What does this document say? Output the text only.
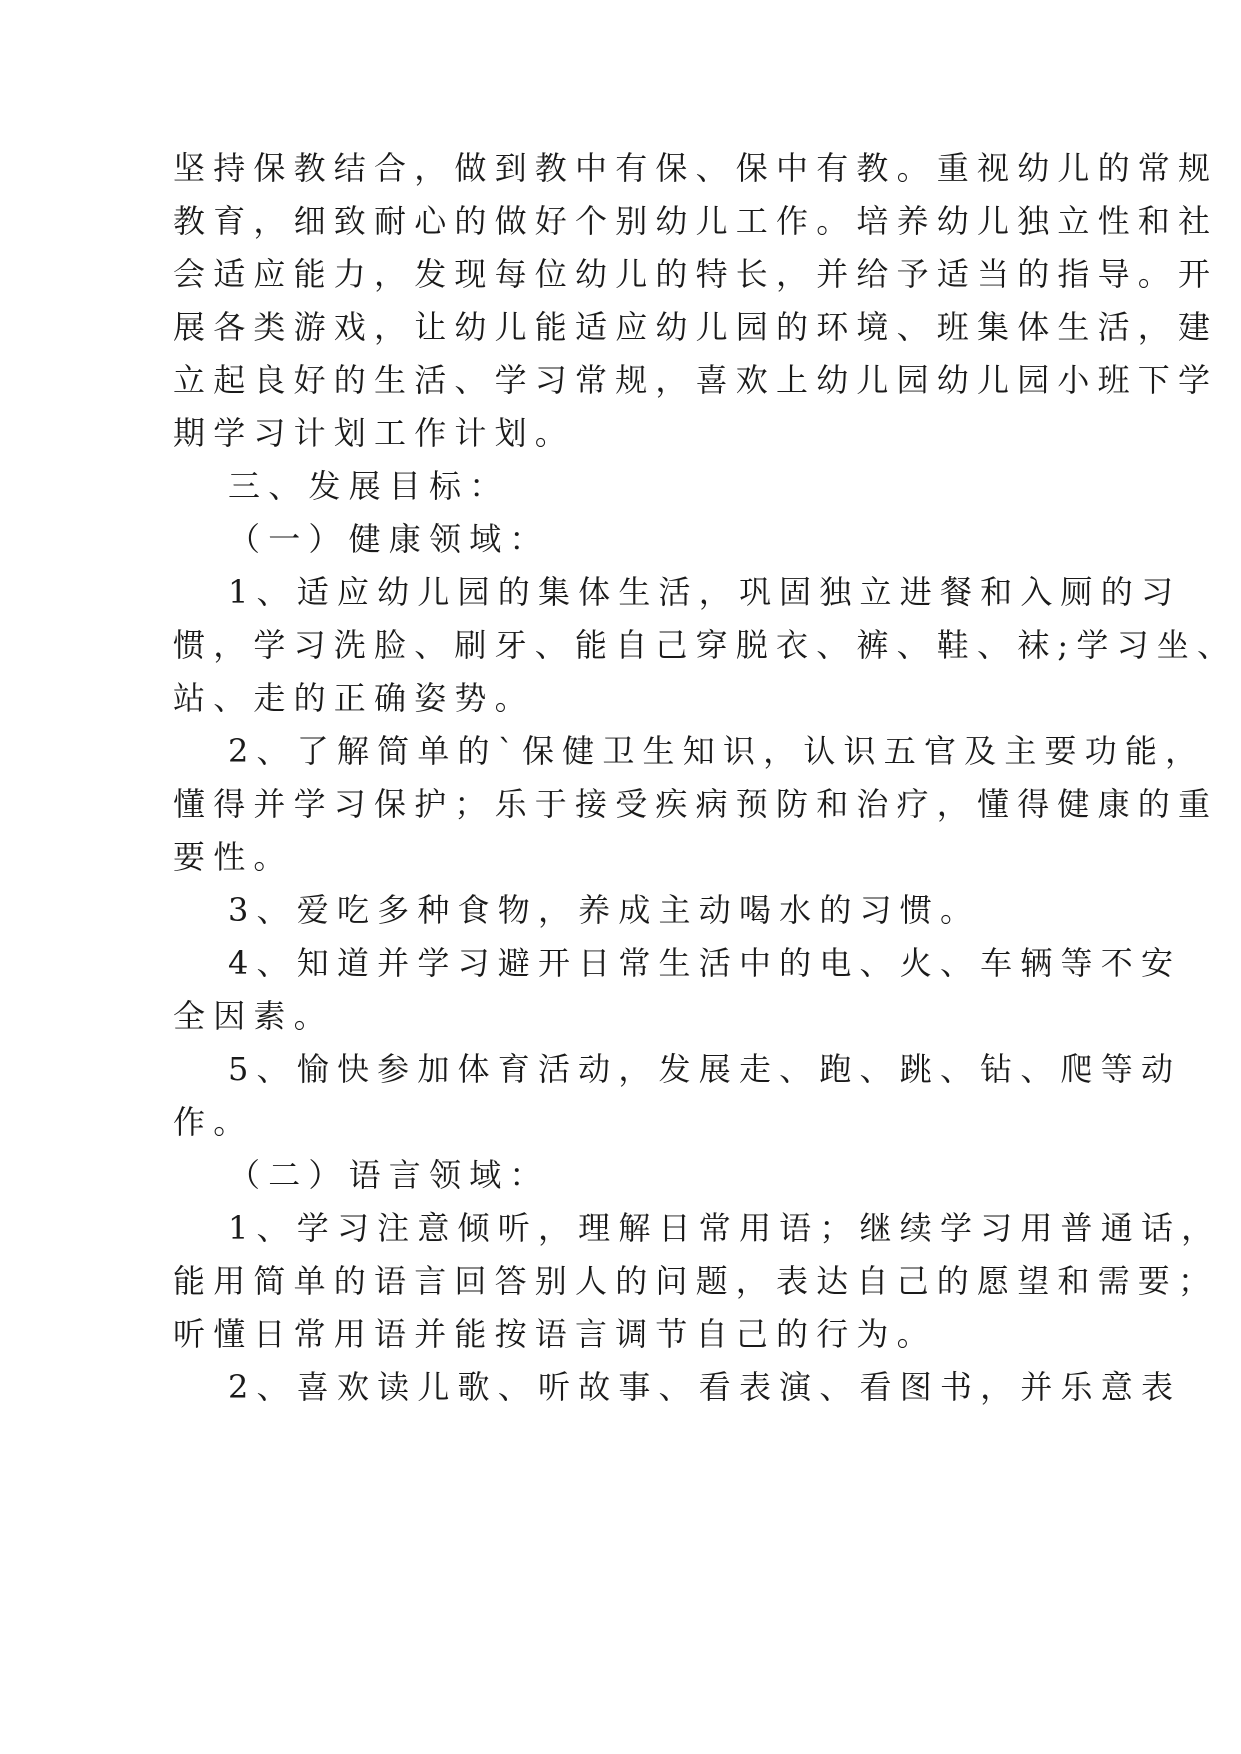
坚持保教结合，做到教中有保、保中有教。重视幼儿的常规
教育，细致耐心的做好个别幼儿工作。培养幼儿独立性和社
会适应能力，发现每位幼儿的特长，并给予适当的指导。开
展各类游戏，让幼儿能适应幼儿园的环境、班集体生活，建
立起良好的生活、学习常规，喜欢上幼儿园幼儿园小班下学
期学习计划工作计划。
三、发展目标：
（一）健康领域：
1、适应幼儿园的集体生活，巩固独立进餐和入厕的习
惯，学习洗脸、刷牙、能自己穿脱衣、裤、鞋、袜;学习坐、
站、走的正确姿势。
2、了解简单的`保健卫生知识，认识五官及主要功能，
懂得并学习保护；乐于接受疾病预防和治疗，懂得健康的重
要性。
3、爱吃多种食物，养成主动喝水的习惯。
4、知道并学习避开日常生活中的电、火、车辆等不安
全因素。
5、愉快参加体育活动，发展走、跑、跳、钻、爬等动
作。
（二）语言领域：
1、学习注意倾听，理解日常用语；继续学习用普通话，
能用简单的语言回答别人的问题，表达自己的愿望和需要；
听懂日常用语并能按语言调节自己的行为。
2、喜欢读儿歌、听故事、看表演、看图书，并乐意表
